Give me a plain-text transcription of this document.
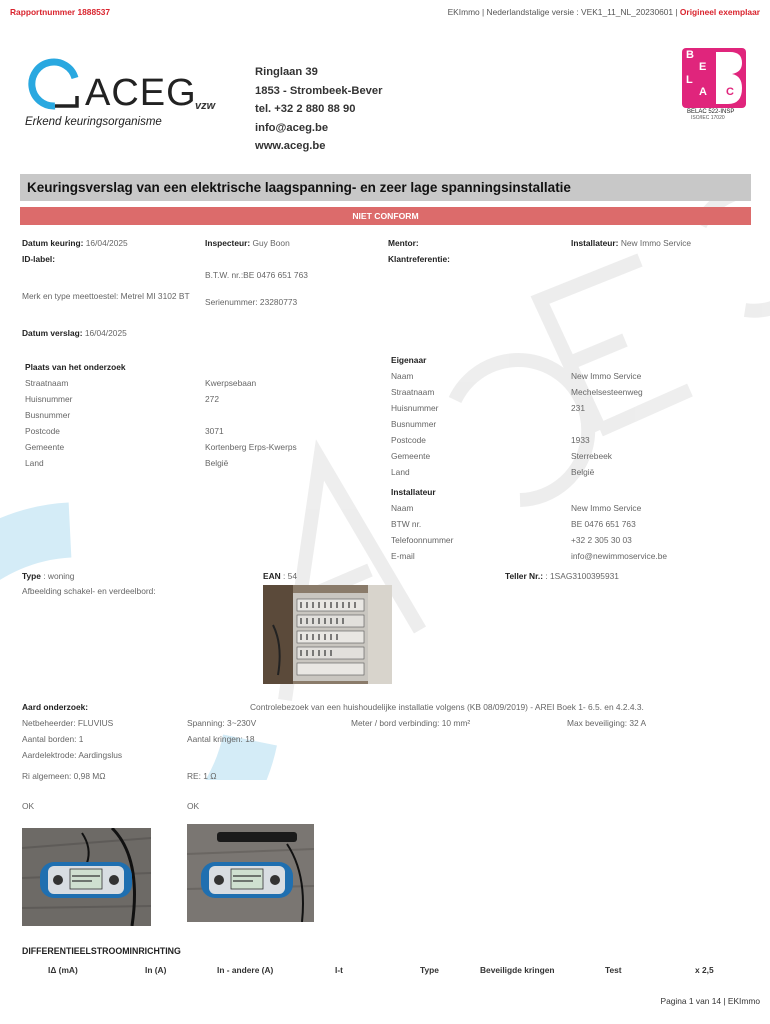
Rapportnummer 1888537	EKImmo | Nederlandstalige versie : VEK1_11_NL_20230601 | Origineel exemplaar
ACEG
vzw
Erkend keuringsorganisme
Ringlaan 39
1853 - Strombeek-Bever
tel. +32 2 880 88 90
info@aceg.be
www.aceg.be
B
E
L
A C
BELAC 522-INSP
ISO/IEC 17020
Keuringsverslag van een elektrische laagspanning- en zeer lage spanningsinstallatie
NIET CONFORM
Datum keuring: 16/04/2025	Inspecteur: Guy Boon	Mentor:	Installateur: New Immo Service
ID-label:	Klantreferentie:
B.T.W. nr.:BE 0476 651 763
Merk en type meettoestel: Metrel MI 3102 BT
Serienummer: 23280773
Datum verslag: 16/04/2025
Plaats van het onderzoek
Straatnaam	Kwerpsebaan
Huisnummer	272
Busnummer
Postcode	3071
Gemeente	Kortenberg Erps-Kwerps
Land	België
Eigenaar
Naam	New Immo Service
Straatnaam	Mechelsesteenweg
Huisnummer	231
Busnummer
Postcode	1933
Gemeente	Sterrebeek
Land	België
Installateur
Naam	New Immo Service
BTW nr.	BE 0476 651 763
Telefoonnummer	+32 2 305 30 03
E-mail	info@newimmoservice.be
Type : woning	EAN : 54	Teller Nr.: : 1SAG3100395931
Afbeelding schakel- en verdeelbord:
Aard onderzoek:	Controlebezoek van een huishoudelijke installatie volgens (KB 08/09/2019) - AREI Boek 1- 6.5. en 4.2.4.3.
Netbeheerder: FLUVIUS	Spanning: 3~230V	Meter / bord verbinding: 10 mm²	Max beveiliging: 32 A
Aantal borden: 1	Aantal kringen: 18
Aardelektrode: Aardingslus
Ri algemeen: 0,98 MΩ	RE: 1 Ω
OK	OK
DIFFERENTIEELSTROOMINRICHTING
IΔ (mA)	In (A)	In - andere (A)	I-t	Type	Beveiligde kringen	Test	x 2,5
Pagina 1 van 14 | EKImmo
